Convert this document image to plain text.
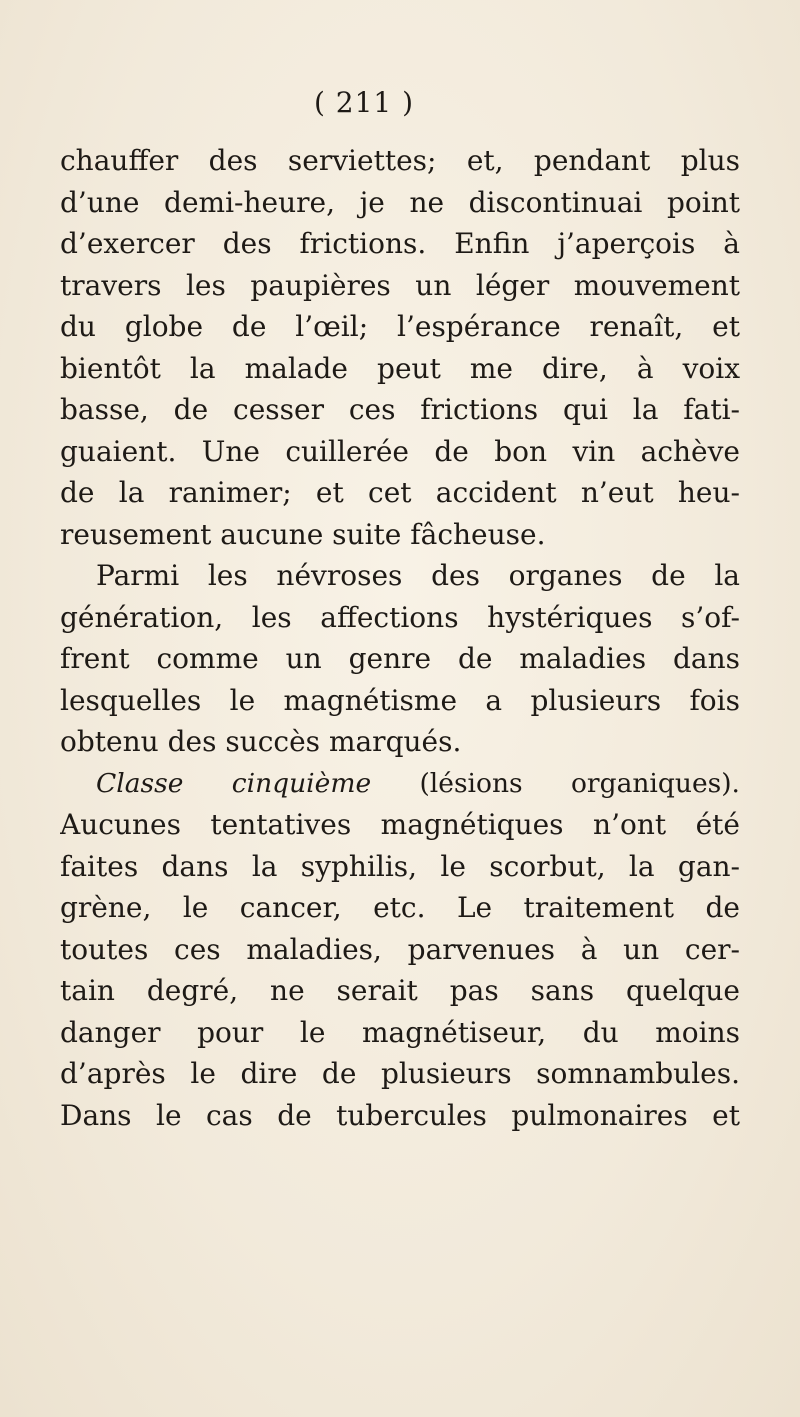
( 211 )
chauffer des serviettes; et, pendant plus
d’une demi-heure, je ne discontinuai point
d’exercer des frictions. Enfin j’aperçois à
travers les paupières un léger mouvement
du globe de l’œil; l’espérance renaît, et
bientôt la malade peut me dire, à voix
basse, de cesser ces frictions qui la fati-
guaient. Une cuillerée de bon vin achève
de la ranimer; et cet accident n’eut heu-
reusement aucune suite fâcheuse.
Parmi les névroses des organes de la
génération, les affections hystériques s’of-
frent comme un genre de maladies dans
lesquelles le magnétisme a plusieurs fois
obtenu des succès marqués.
Classe cinquième (lésions organiques).
Aucunes tentatives magnétiques n’ont été
faites dans la syphilis, le scorbut, la gan-
grène, le cancer, etc. Le traitement de
toutes ces maladies, parvenues à un cer-
tain degré, ne serait pas sans quelque
danger pour le magnétiseur, du moins
d’après le dire de plusieurs somnambules.
Dans le cas de tubercules pulmonaires et
